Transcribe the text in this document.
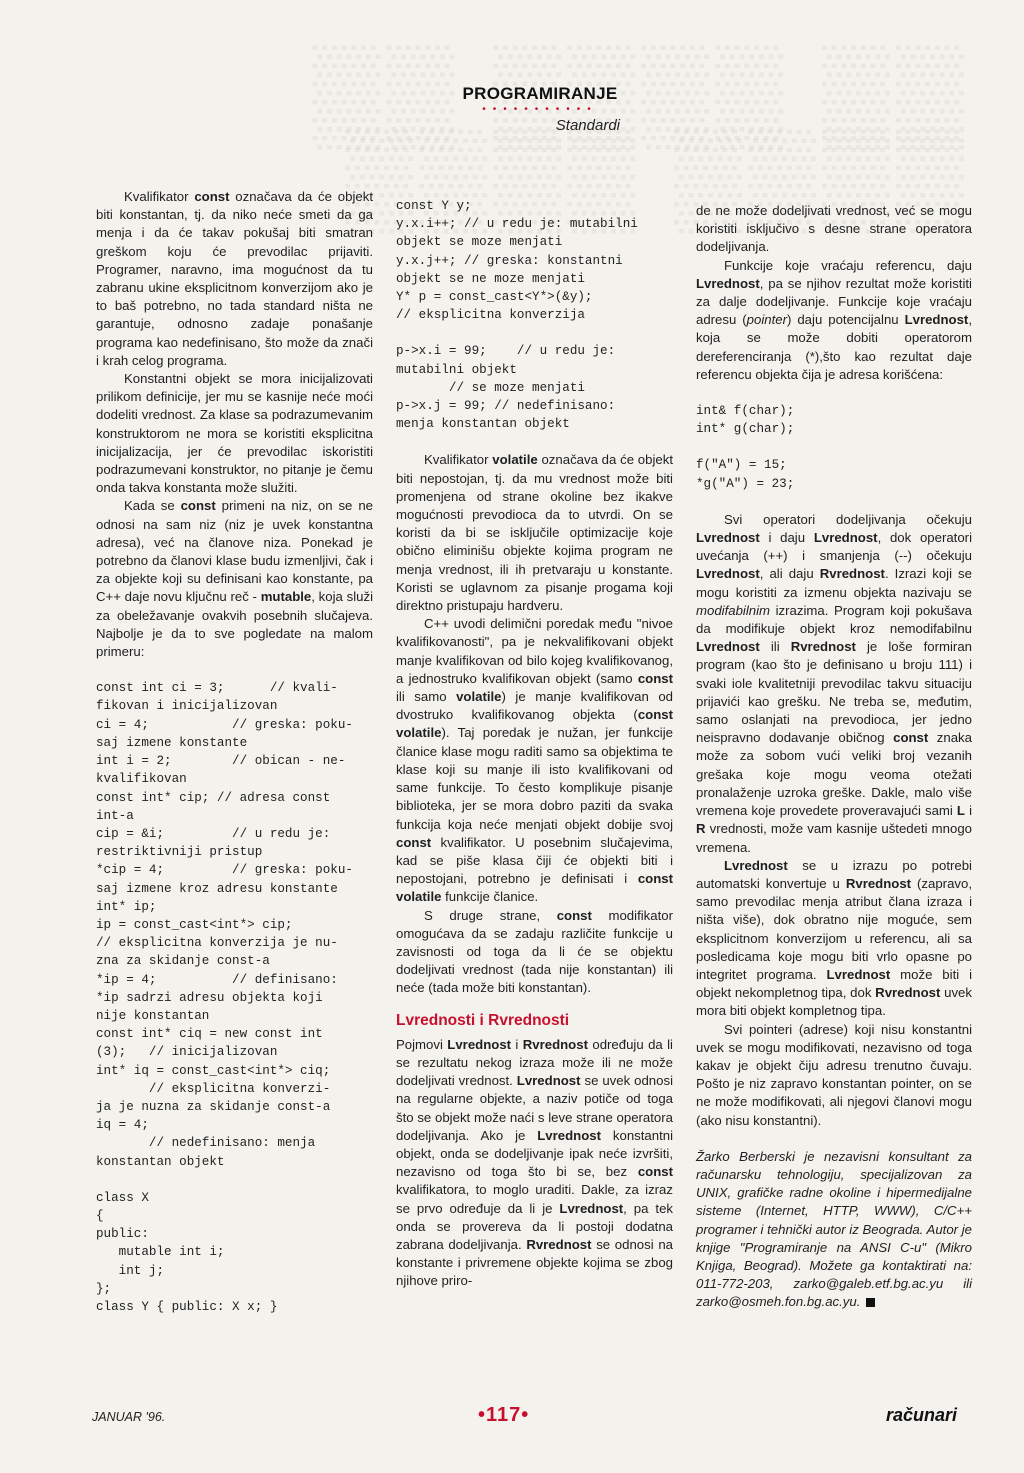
PROGRAMIRANJE
•••••••••••
Standardi

Kvalifikator const označava da će objekt biti konstantan, tj. da niko neće smeti da ga menja i da će takav pokušaj biti smatran greškom koju će prevodilac prijaviti. Programer, naravno, ima mogućnost da tu zabranu ukine eksplicitnom konverzijom ako je to baš potrebno, no tada standard ništa ne garantuje, odnosno zadaje ponašanje programa kao nedefinisano, što može da znači i krah celog programa.

Konstantni objekt se mora inicijalizovati prilikom definicije, jer mu se kasnije neće moći dodeliti vrednost. Za klase sa podrazumevanim konstruktorom ne mora se koristiti eksplicitna inicijalizacija, jer će prevodilac iskoristiti podrazumevani konstruktor, no pitanje je čemu onda takva konstanta može služiti.

Kada se const primeni na niz, on se ne odnosi na sam niz (niz je uvek konstantna adresa), već na članove niza. Ponekad je potrebno da članovi klase budu izmenljivi, čak i za objekte koji su definisani kao konstante, pa C++ daje novu ključnu reč - mutable, koja služi za obeležavanje ovakvih posebnih slučajeva. Najbolje je da to sve pogledate na malom primeru:

const int ci = 3;      // kvali-
fikovan i inicijalizovan
ci = 4;           // greska: poku-
saj izmene konstante
int i = 2;        // obican - ne-
kvalifikovan
const int* cip; // adresa const
int-a
cip = &i;         // u redu je:
restriktivniji pristup
*cip = 4;         // greska: poku-
saj izmene kroz adresu konstante
int* ip;
ip = const_cast<int*> cip;
// eksplicitna konverzija je nu-
zna za skidanje const-a
*ip = 4;          // definisano:
*ip sadrzi adresu objekta koji
nije konstantan
const int* ciq = new const int
(3);   // inicijalizovan
int* iq = const_cast<int*> ciq;
// eksplicitna konverzi-
ja je nuzna za skidanje const-a
iq = 4;
// nedefinisano: menja
konstantan objekt
class X
{
public:
mutable int i;
int j;
};
class Y { public: X x; }
const Y y;
y.x.i++; // u redu je: mutabilni
objekt se moze menjati
y.x.j++; // greska: konstantni
objekt se ne moze menjati
Y* p = const_cast<Y*>(&y);
// eksplicitna konverzija
p->x.i = 99;    // u redu je:
mutabilni objekt
// se moze menjati
p->x.j = 99; // nedefinisano:
menja konstantan objekt

Kvalifikator volatile označava da će objekt biti nepostojan, tj. da mu vrednost može biti promenjena od strane okoline bez ikakve mogućnosti prevodioca da to utvrdi. On se koristi da bi se isključile optimizacije koje obično eliminišu objekte kojima program ne menja vrednost, ili ih pretvaraju u konstante. Koristi se uglavnom za pisanje progama koji direktno pristupaju hardveru.

C++ uvodi delimični poredak među "nivoe kvalifikovanosti", pa je nekvalifikovani objekt manje kvalifikovan od bilo kojeg kvalifikovanog, a jednostruko kvalifikovan objekt (samo const ili samo volatile) je manje kvalifikovan od dvostruko kvalifikovanog objekta (const volatile). Taj poredak je nužan, jer funkcije članice klase mogu raditi samo sa objektima te klase koji su manje ili isto kvalifikovani od same funkcije. To često komplikuje pisanje biblioteka, jer se mora dobro paziti da svaka funkcija koja neće menjati objekt dobije svoj const kvalifikator. U posebnim slučajevima, kad se piše klasa čiji će objekti biti i nepostojani, potrebno je definisati i const volatile funkcije članice.

S druge strane, const modifikator omogućava da se zadaju različite funkcije u zavisnosti od toga da li će se objektu dodeljivati vrednost (tada nije konstantan) ili neće (tada može biti konstantan).

Lvrednosti i Rvrednosti

Pojmovi Lvrednost i Rvrednost određuju da li se rezultatu nekog izraza može ili ne može dodeljivati vrednost. Lvrednost se uvek odnosi na regularne objekte, a naziv potiče od toga što se objekt može naći s leve strane operatora dodeljivanja. Ako je Lvrednost konstantni objekt, onda se dodeljivanje ipak neće izvršiti, nezavisno od toga što bi se, bez const kvalifikatora, to moglo uraditi. Dakle, za izraz se prvo određuje da li je Lvrednost, pa tek onda se provereva da li postoji dodatna zabrana dodeljivanja. Rvrednost se odnosi na konstante i privremene objekte kojima se zbog njihove priro-

de ne može dodeljivati vrednost, već se mogu koristiti isključivo s desne strane operatora dodeljivanja.

Funkcije koje vraćaju referencu, daju Lvrednost, pa se njihov rezultat može koristiti za dalje dodeljivanje. Funkcije koje vraćaju adresu (pointer) daju potencijalnu Lvrednost, koja se može dobiti operatorom dereferenciranja (*),što kao rezultat daje referencu objekta čija je adresa korišćena:

int& f(char);
int* g(char);
f("A") = 15;
*g("A") = 23;

Svi operatori dodeljivanja očekuju Lvrednost i daju Lvrednost, dok operatori uvećanja (++) i smanjenja (--) očekuju Lvrednost, ali daju Rvrednost. Izrazi koji se mogu koristiti za izmenu objekta nazivaju se modifabilnim izrazima. Program koji pokušava da modifikuje objekt kroz nemodifabilnu Lvrednost ili Rvrednost je loše formiran program (kao što je definisano u broju 111) i svaki iole kvalitetniji prevodilac takvu situaciju prijavići kao grešku. Ne treba se, međutim, samo oslanjati na prevodioca, jer jedno neispravno dodavanje običnog const znaka može za sobom vući veliki broj vezanih grešaka koje mogu veoma otežati pronalaženje uzroka greške. Dakle, malo više vremena koje provedete proveravajući sami L i R vrednosti, može vam kasnije uštedeti mnogo vremena.

Lvrednost se u izrazu po potrebi automatski konvertuje u Rvrednost (zapravo, samo prevodilac menja atribut člana izraza i ništa više), dok obratno nije moguće, sem eksplicitnom konverzijom u referencu, ali sa posledicama koje mogu biti vrlo opasne po integritet programa. Lvrednost može biti i objekt nekompletnog tipa, dok Rvrednost uvek mora biti objekt kompletnog tipa.

Svi pointeri (adrese) koji nisu konstantni uvek se mogu modifikovati, nezavisno od toga kakav je objekt čiju adresu trenutno čuvaju. Pošto je niz zapravo konstantan pointer, on se ne može modifikovati, ali njegovi članovi mogu (ako nisu konstantni).

Žarko Berberski je nezavisni konsultant za računarsku tehnologiju, specijalizovan za UNIX, grafičke radne okoline i hipermedijalne sisteme (Internet, HTTP, WWW), C/C++ programer i tehnički autor iz Beograda. Autor je knjige "Programiranje na ANSI C-u" (Mikro Knjiga, Beograd). Možete ga kontaktirati na: 011-772-203, zarko@galeb.etf.bg.ac.yu ili zarko@osmeh.fon.bg.ac.yu.

JANUAR '96.	•117•	računari
